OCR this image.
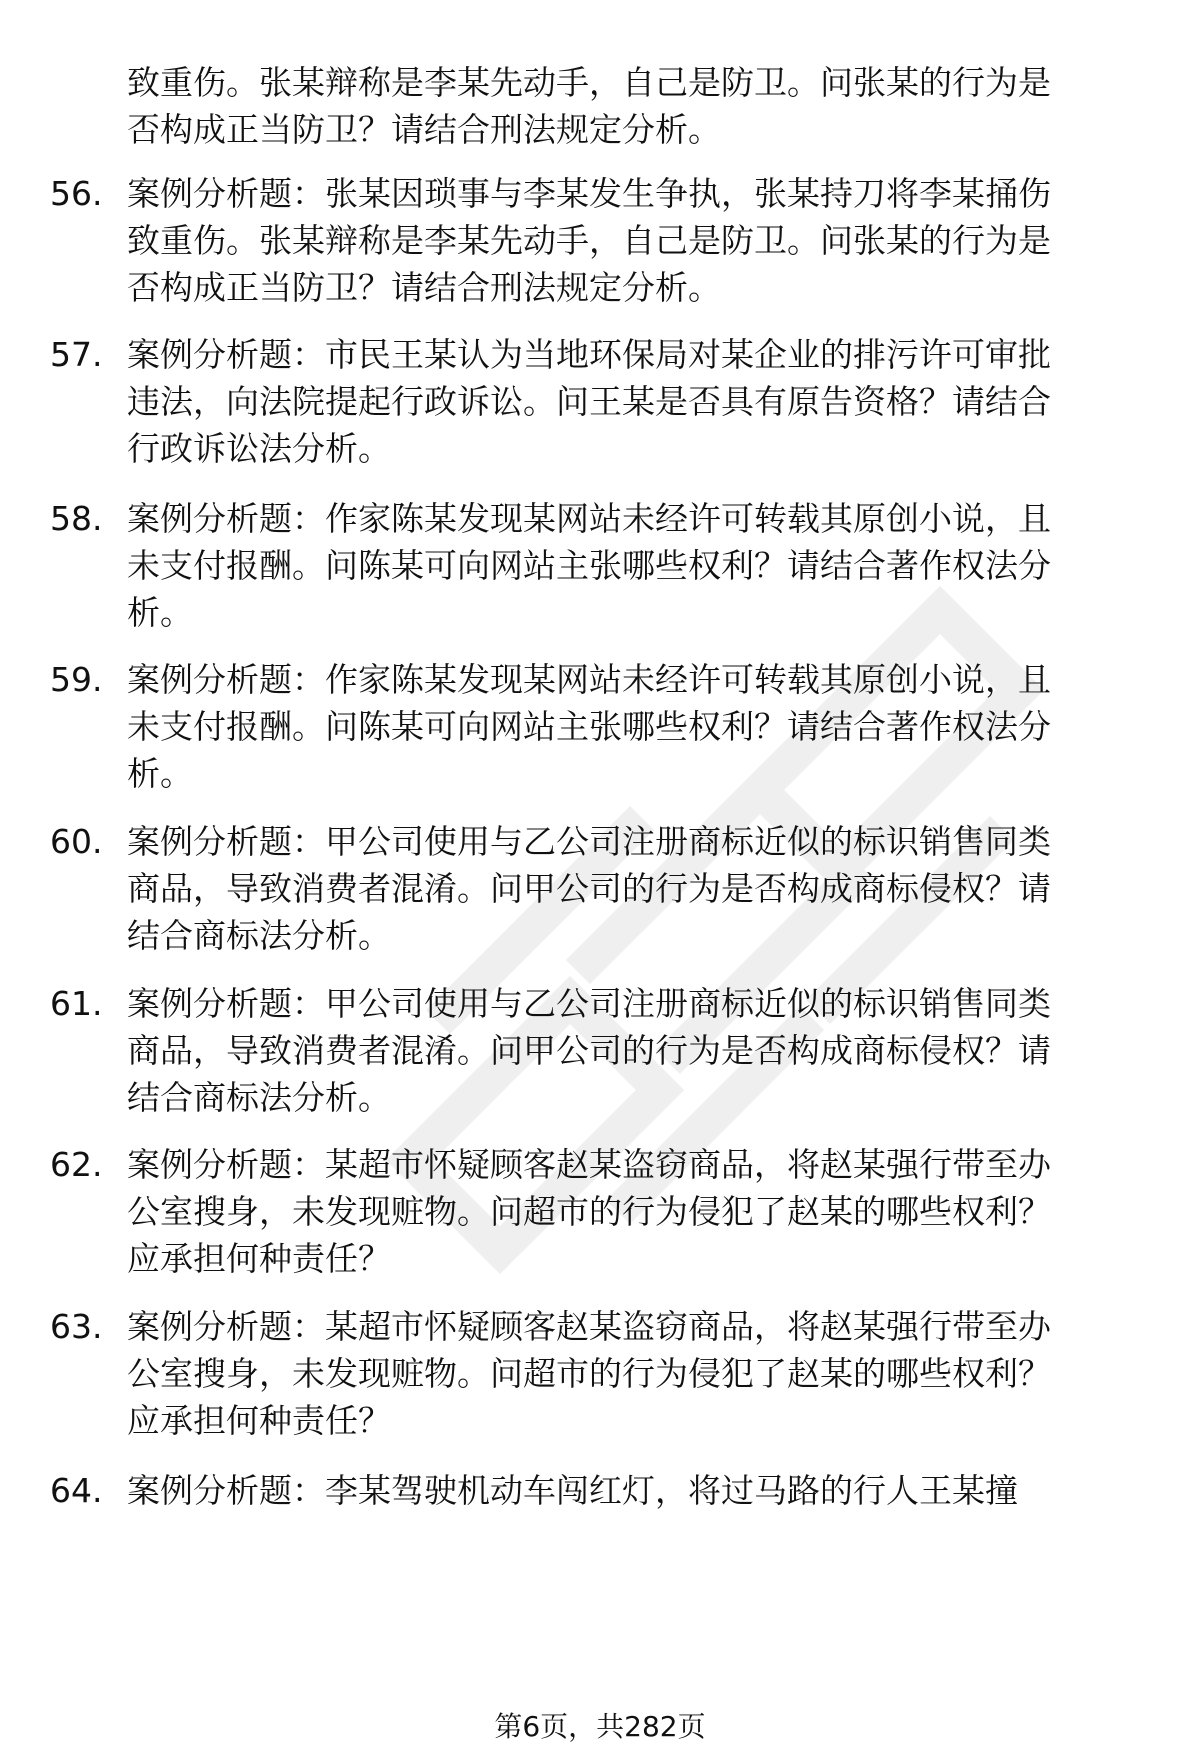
致重伤。张某辩称是李某先动手，自己是防卫。问张某的行为是
否构成正当防卫？请结合刑法规定分析。
56. 案例分析题：张某因琐事与李某发生争执，张某持刀将李某捅伤
致重伤。张某辩称是李某先动手，自己是防卫。问张某的行为是
否构成正当防卫？请结合刑法规定分析。
57. 案例分析题：市民王某认为当地环保局对某企业的排污许可审批
违法，向法院提起行政诉讼。问王某是否具有原告资格？请结合
行政诉讼法分析。
58. 案例分析题：作家陈某发现某网站未经许可转载其原创小说，且
未支付报酬。问陈某可向网站主张哪些权利？请结合著作权法分
析。
59. 案例分析题：作家陈某发现某网站未经许可转载其原创小说，且
未支付报酬。问陈某可向网站主张哪些权利？请结合著作权法分
析。
60. 案例分析题：甲公司使用与乙公司注册商标近似的标识销售同类
商品，导致消费者混淆。问甲公司的行为是否构成商标侵权？请
结合商标法分析。
61. 案例分析题：甲公司使用与乙公司注册商标近似的标识销售同类
商品，导致消费者混淆。问甲公司的行为是否构成商标侵权？请
结合商标法分析。
62. 案例分析题：某超市怀疑顾客赵某盗窃商品，将赵某强行带至办
公室搜身，未发现赃物。问超市的行为侵犯了赵某的哪些权利？
应承担何种责任？
63. 案例分析题：某超市怀疑顾客赵某盗窃商品，将赵某强行带至办
公室搜身，未发现赃物。问超市的行为侵犯了赵某的哪些权利？
应承担何种责任？
64. 案例分析题：李某驾驶机动车闯红灯，将过马路的行人王某撞
第6页，共282页
